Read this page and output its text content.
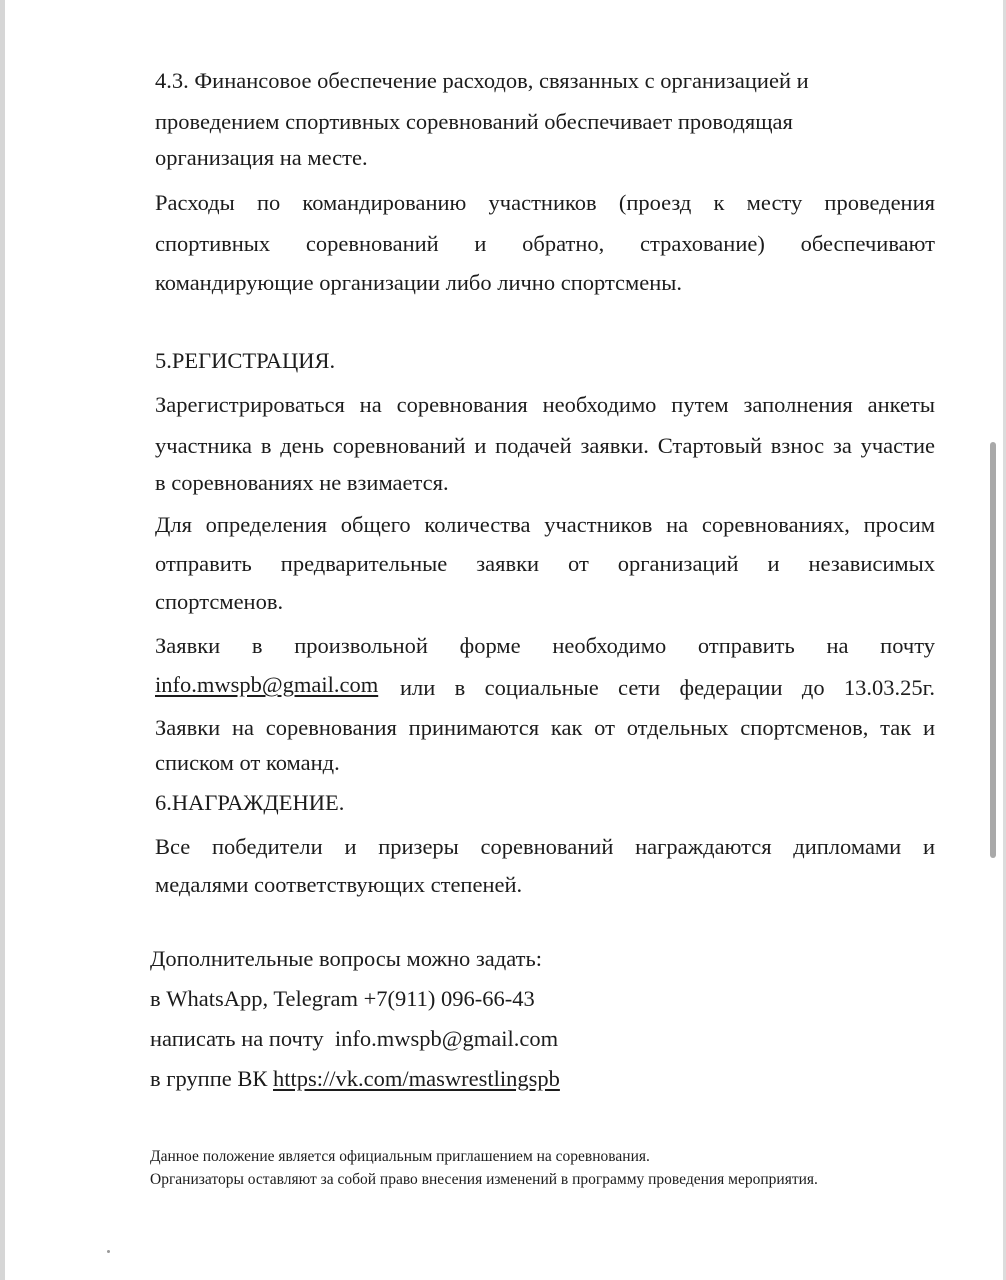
4.3. Финансовое обеспечение расходов, связанных с организацией и
проведением спортивных соревнований обеспечивает проводящая
организация на месте.
Расходы по командированию участников (проезд к месту проведения
спортивных соревнований и обратно, страхование) обеспечивают
командирующие организации либо лично спортсмены.
5.РЕГИСТРАЦИЯ.
Зарегистрироваться на соревнования необходимо путем заполнения анкеты
участника в день соревнований и подачей заявки. Стартовый взнос за участие
в соревнованиях не взимается.
Для определения общего количества участников на соревнованиях, просим
отправить предварительные заявки от организаций и независимых
спортсменов.
Заявки в произвольной форме необходимо отправить на почту
info.mwspb@gmail.com или в социальные сети федерации до 13.03.25г.
Заявки на соревнования принимаются как от отдельных спортсменов, так и
списком от команд.
6.НАГРАЖДЕНИЕ.
Все победители и призеры соревнований награждаются дипломами и
медалями соответствующих степеней.
Дополнительные вопросы можно задать:
в WhatsApp, Telegram +7(911) 096-66-43
написать на почту info.mwspb@gmail.com
в группе ВК https://vk.com/maswrestlingspb
Данное положение является официальным приглашением на соревнования.
Организаторы оставляют за собой право внесения изменений в программу проведения мероприятия.
